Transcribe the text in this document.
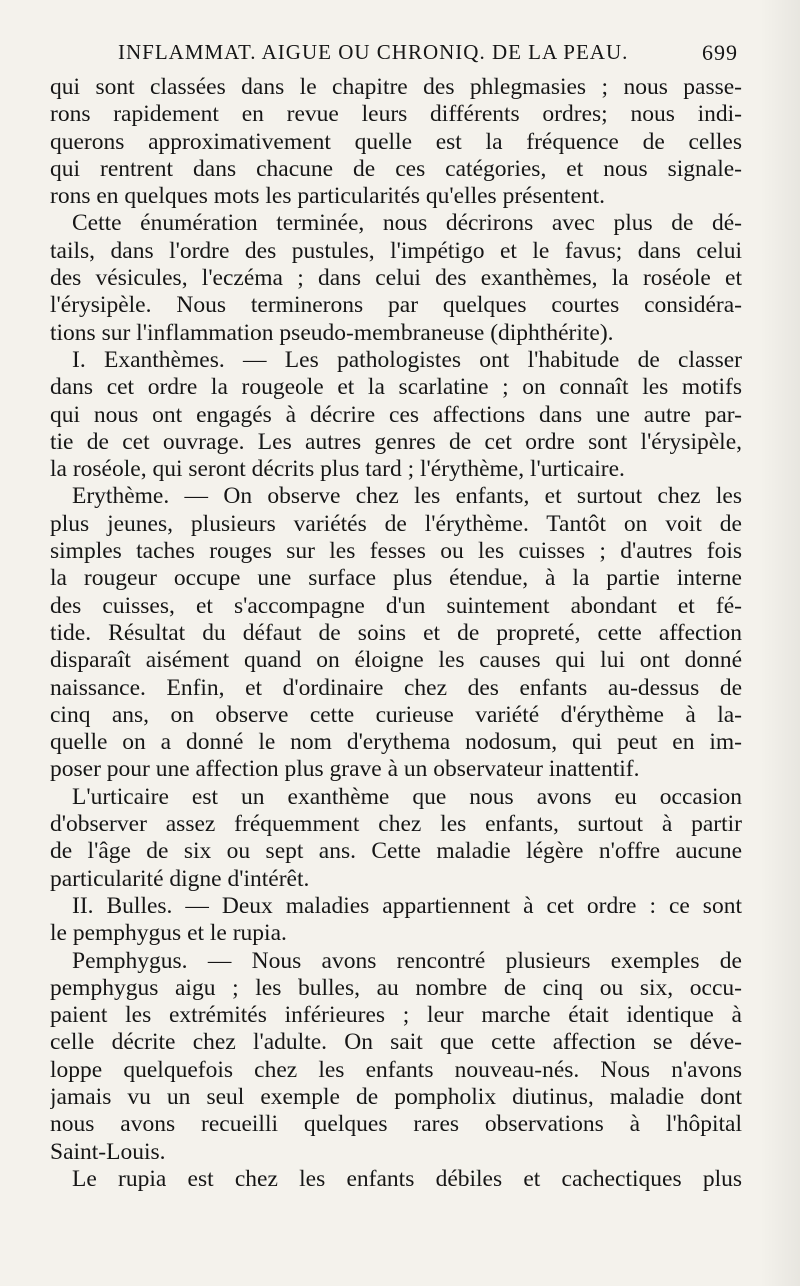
INFLAMMAT. AIGUE OU CHRONIQ. DE LA PEAU.	699
qui sont classées dans le chapitre des phlegmasies ; nous passe-
rons rapidement en revue leurs différents ordres; nous indi-
querons approximativement quelle est la fréquence de celles
qui rentrent dans chacune de ces catégories, et nous signale-
rons en quelques mots les particularités qu'elles présentent.
Cette énumération terminée, nous décrirons avec plus de dé-
tails, dans l'ordre des pustules, l'impétigo et le favus; dans celui
des vésicules, l'eczéma ; dans celui des exanthèmes, la roséole et
l'érysipèle. Nous terminerons par quelques courtes considéra-
tions sur l'inflammation pseudo-membraneuse (diphthérite).
I. Exanthèmes. — Les pathologistes ont l'habitude de classer
dans cet ordre la rougeole et la scarlatine ; on connaît les motifs
qui nous ont engagés à décrire ces affections dans une autre par-
tie de cet ouvrage. Les autres genres de cet ordre sont l'érysipèle,
la roséole, qui seront décrits plus tard ; l'érythème, l'urticaire.
Erythème. — On observe chez les enfants, et surtout chez les
plus jeunes, plusieurs variétés de l'érythème. Tantôt on voit de
simples taches rouges sur les fesses ou les cuisses ; d'autres fois
la rougeur occupe une surface plus étendue, à la partie interne
des cuisses, et s'accompagne d'un suintement abondant et fé-
tide. Résultat du défaut de soins et de propreté, cette affection
disparaît aisément quand on éloigne les causes qui lui ont donné
naissance. Enfin, et d'ordinaire chez des enfants au-dessus de
cinq ans, on observe cette curieuse variété d'érythème à la-
quelle on a donné le nom d'erythema nodosum, qui peut en im-
poser pour une affection plus grave à un observateur inattentif.
L'urticaire est un exanthème que nous avons eu occasion
d'observer assez fréquemment chez les enfants, surtout à partir
de l'âge de six ou sept ans. Cette maladie légère n'offre aucune
particularité digne d'intérêt.
II. Bulles. — Deux maladies appartiennent à cet ordre : ce sont
le pemphygus et le rupia.
Pemphygus. — Nous avons rencontré plusieurs exemples de
pemphygus aigu ; les bulles, au nombre de cinq ou six, occu-
paient les extrémités inférieures ; leur marche était identique à
celle décrite chez l'adulte. On sait que cette affection se déve-
loppe quelquefois chez les enfants nouveau-nés. Nous n'avons
jamais vu un seul exemple de pompholix diutinus, maladie dont
nous avons recueilli quelques rares observations à l'hôpital
Saint-Louis.
Le rupia est chez les enfants débiles et cachectiques plus
